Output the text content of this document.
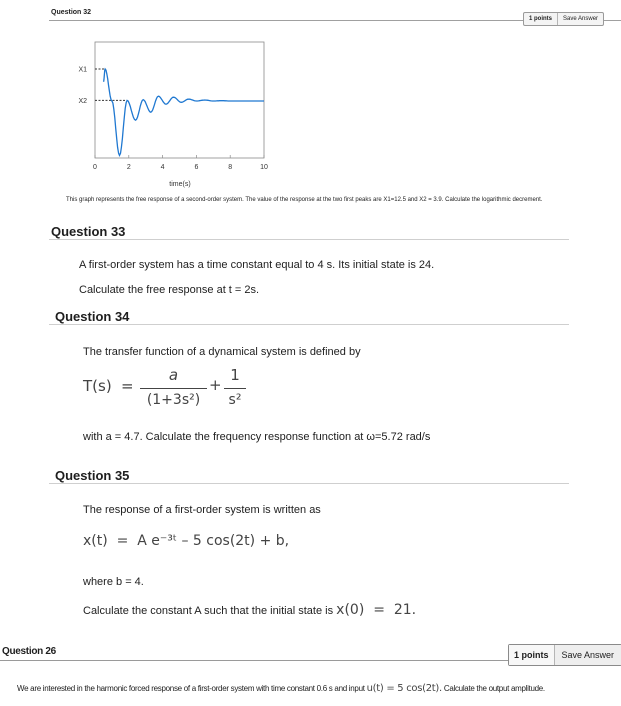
Question 32
1 points	Save Answer
X1
X2
0	2	4	6	8	10
time(s)
This graph represents the free response of a second-order system. The value of the response at the two first peaks are X1=12.5 and X2 = 3.9. Calculate the logarithmic decrement.
Question 33
A first-order system has a time constant equal to 4 s. Its initial state is 24.
Calculate the free response at t = 2s.
Question 34
The transfer function of a dynamical system is defined by
T(s) =
a
(1+3s²)
+
1
s²
with a = 4.7. Calculate the frequency response function at ω=5.72 rad/s
Question 35
The response of a first-order system is written as
x(t)  =  A e⁻³ᵗ – 5 cos(2t) + b,
where b = 4.
Calculate the constant A such that the initial state is x(0)  =  21.
Question 26	1 points	Save Answer
We are interested in the harmonic forced response of a first-order system with time constant 0.6 s and input u(t) = 5 cos(2t). Calculate the output amplitude.
